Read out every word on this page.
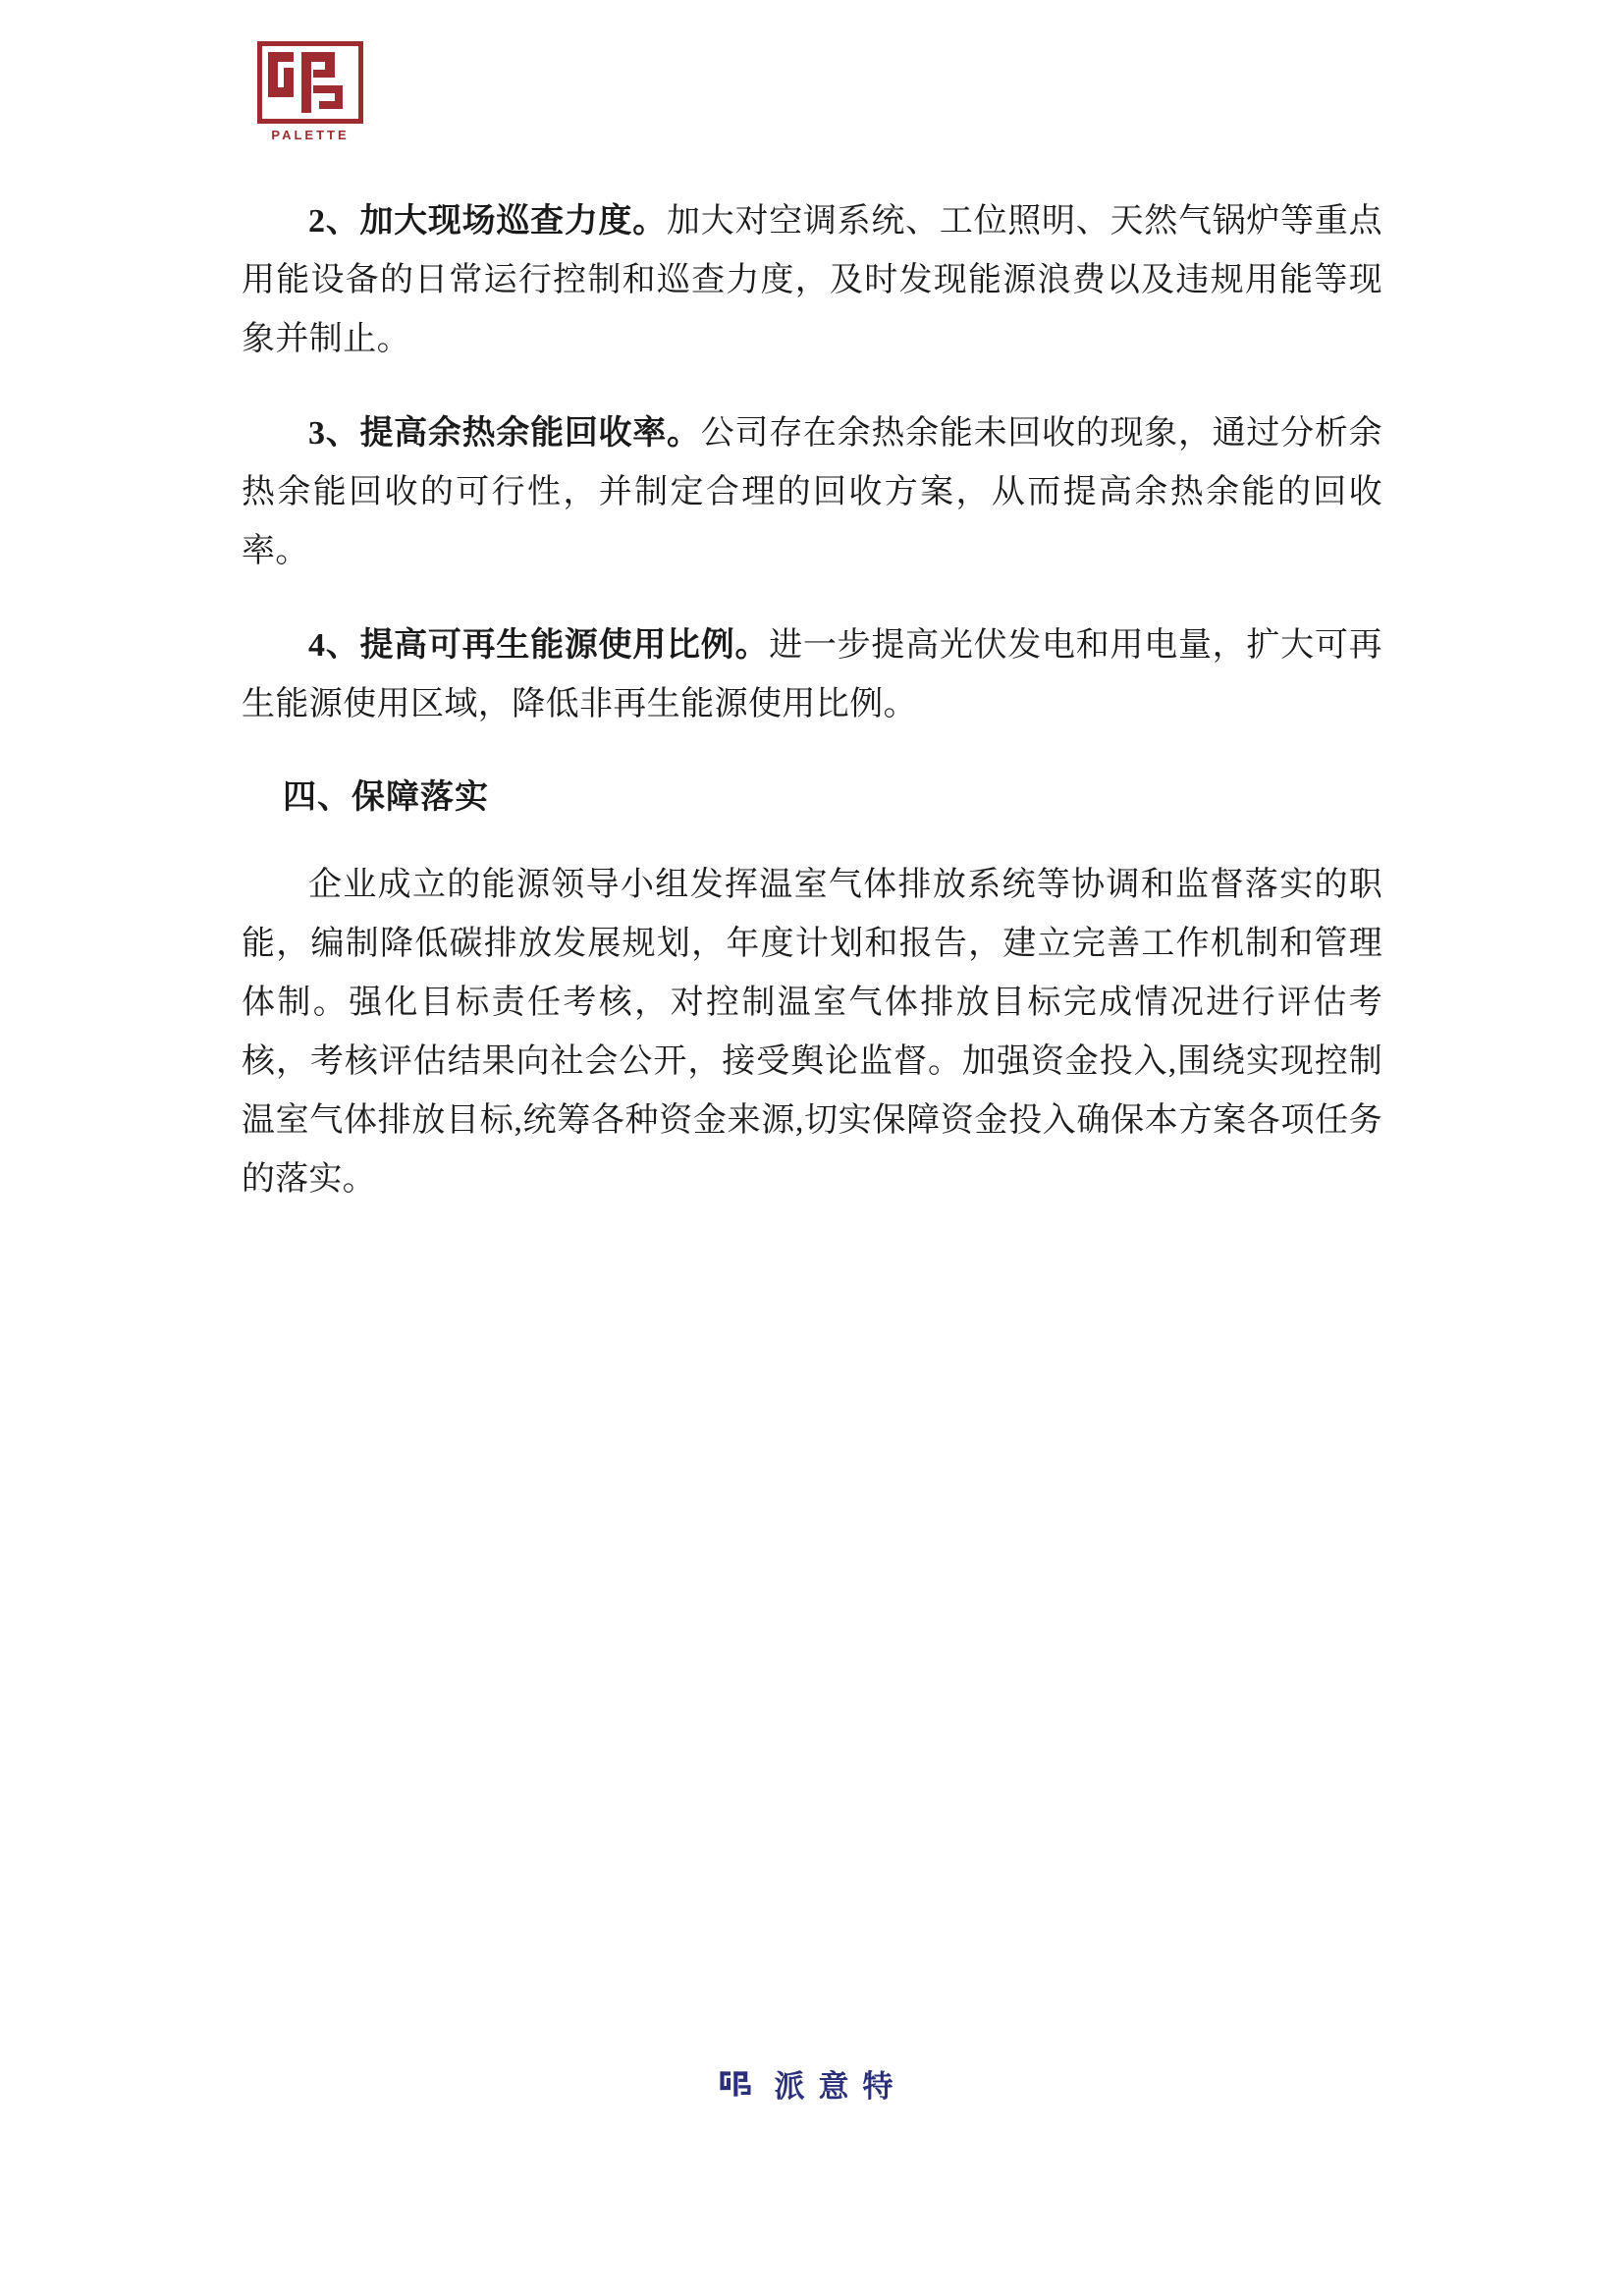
PALETTE

2、加大现场巡查力度。加大对空调系统、工位照明、天然气锅炉等重点用能设备的日常运行控制和巡查力度，及时发现能源浪费以及违规用能等现象并制止。

3、提高余热余能回收率。公司存在余热余能未回收的现象，通过分析余热余能回收的可行性，并制定合理的回收方案，从而提高余热余能的回收率。

4、提高可再生能源使用比例。进一步提高光伏发电和用电量，扩大可再生能源使用区域，降低非再生能源使用比例。

四、保障落实

企业成立的能源领导小组发挥温室气体排放系统等协调和监督落实的职能，编制降低碳排放发展规划，年度计划和报告，建立完善工作机制和管理体制。强化目标责任考核，对控制温室气体排放目标完成情况进行评估考核，考核评估结果向社会公开，接受舆论监督。加强资金投入,围绕实现控制温室气体排放目标,统筹各种资金来源,切实保障资金投入确保本方案各项任务的落实。

派意特
